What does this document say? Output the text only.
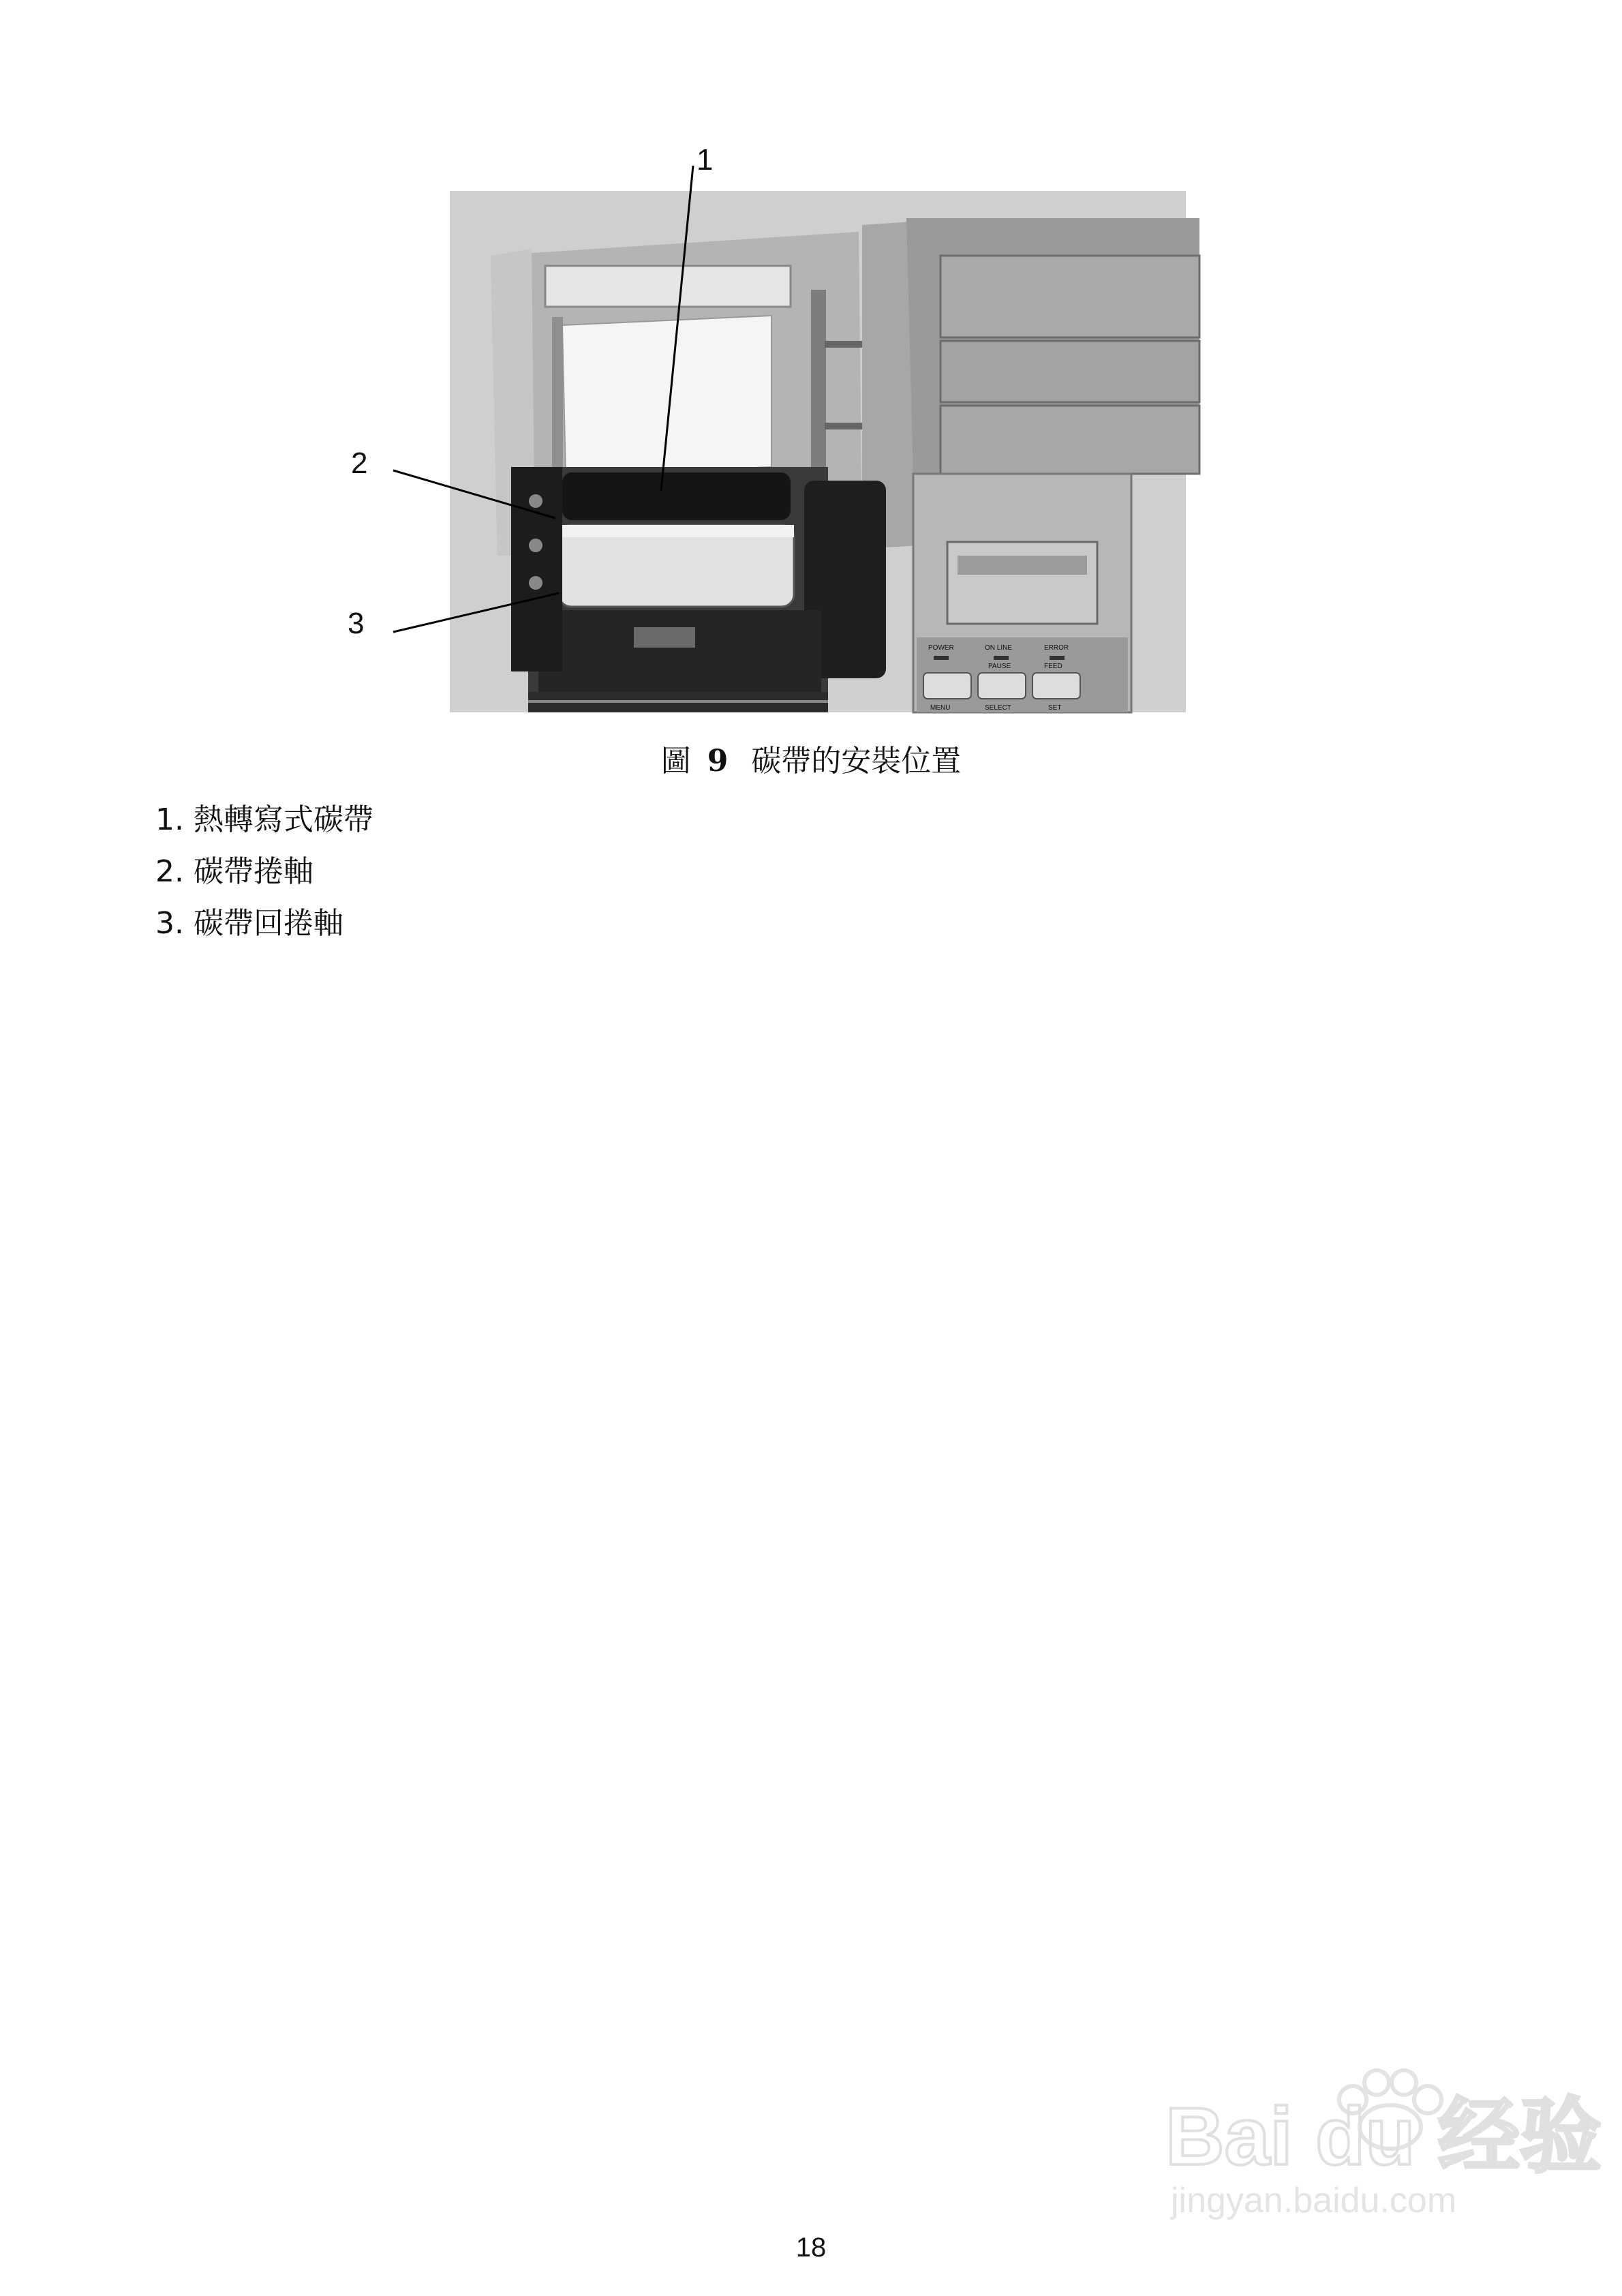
POWER	ON LINE	ERROR
PAUSE	FEED
MENU	SELECT	SET
1
2
3
圖 9 碳帶的安裝位置
1. 熱轉寫式碳帶
2. 碳帶捲軸
3. 碳帶回捲軸
Bai du 经验
jingyan.baidu.com
18
